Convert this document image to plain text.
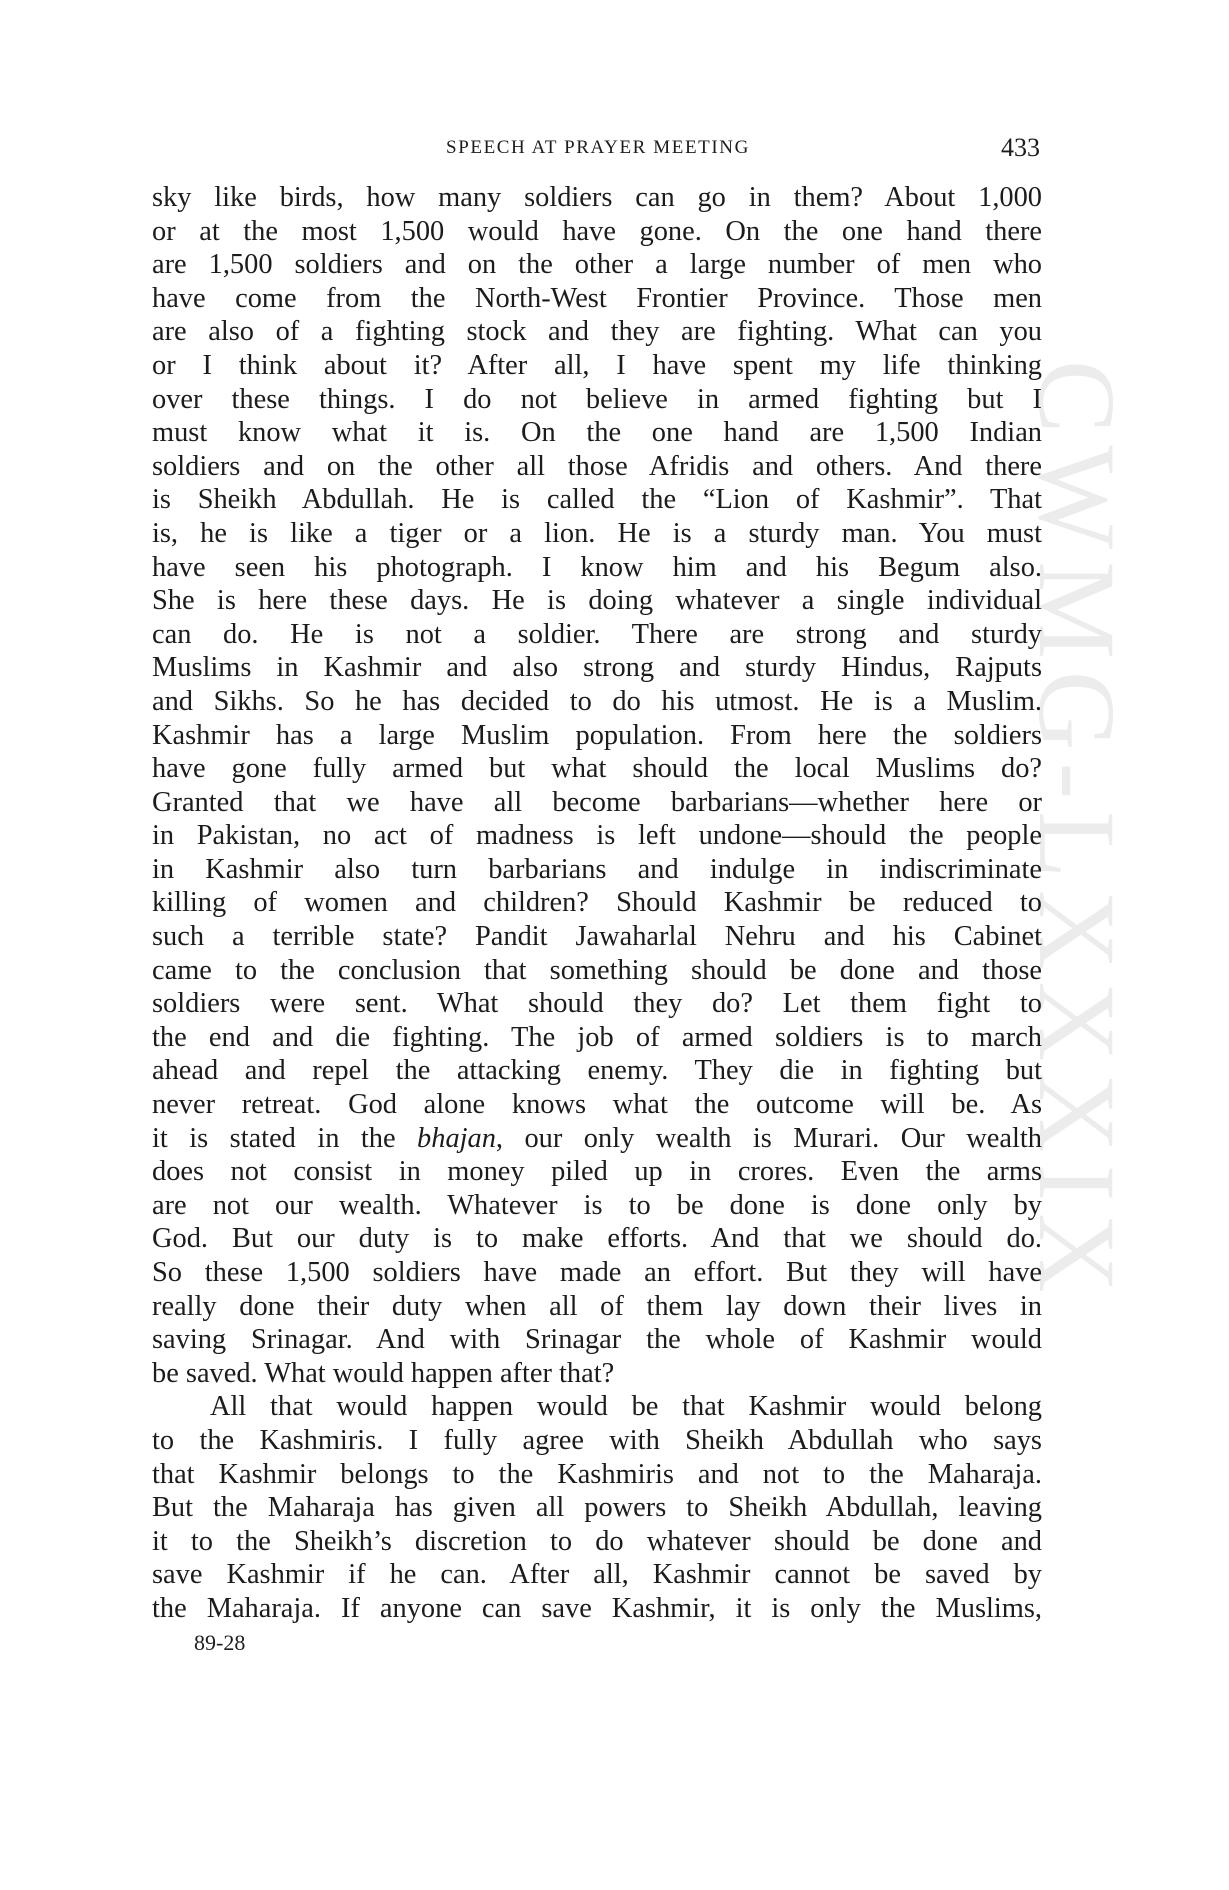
CWMG-LXXXIX
SPEECH AT PRAYER MEETING	433

sky like birds, how many soldiers can go in them? About 1,000

or at the most 1,500 would have gone. On the one hand there

are 1,500 soldiers and on the other a large number of men who

have come from the North-West Frontier Province. Those men

are also of a fighting stock and they are fighting. What can you

or I think about it? After all, I have spent my life thinking

over these things. I do not believe in armed fighting but I

must know what it is. On the one hand are 1,500 Indian

soldiers and on the other all those Afridis and others. And there

is Sheikh Abdullah. He is called the “Lion of Kashmir”. That

is, he is like a tiger or a lion. He is a sturdy man. You must

have seen his photograph. I know him and his Begum also.

She is here these days. He is doing whatever a single individual

can do. He is not a soldier. There are strong and sturdy

Muslims in Kashmir and also strong and sturdy Hindus, Rajputs

and Sikhs. So he has decided to do his utmost. He is a Muslim.

Kashmir has a large Muslim population. From here the soldiers

have gone fully armed but what should the local Muslims do?

Granted that we have all become barbarians—whether here or

in Pakistan, no act of madness is left undone—should the people

in Kashmir also turn barbarians and indulge in indiscriminate

killing of women and children? Should Kashmir be reduced to

such a terrible state? Pandit Jawaharlal Nehru and his Cabinet

came to the conclusion that something should be done and those

soldiers were sent. What should they do? Let them fight to

the end and die fighting. The job of armed soldiers is to march

ahead and repel the attacking enemy. They die in fighting but

never retreat. God alone knows what the outcome will be. As

it is stated in the bhajan, our only wealth is Murari. Our wealth

does not consist in money piled up in crores. Even the arms

are not our wealth. Whatever is to be done is done only by

God. But our duty is to make efforts. And that we should do.

So these 1,500 soldiers have made an effort. But they will have

really done their duty when all of them lay down their lives in

saving Srinagar. And with Srinagar the whole of Kashmir would

be saved. What would happen after that?

All that would happen would be that Kashmir would belong

to the Kashmiris. I fully agree with Sheikh Abdullah who says

that Kashmir belongs to the Kashmiris and not to the Maharaja.

But the Maharaja has given all powers to Sheikh Abdullah, leaving

it to the Sheikh’s discretion to do whatever should be done and

save Kashmir if he can. After all, Kashmir cannot be saved by

the Maharaja. If anyone can save Kashmir, it is only the Muslims,

89-28
